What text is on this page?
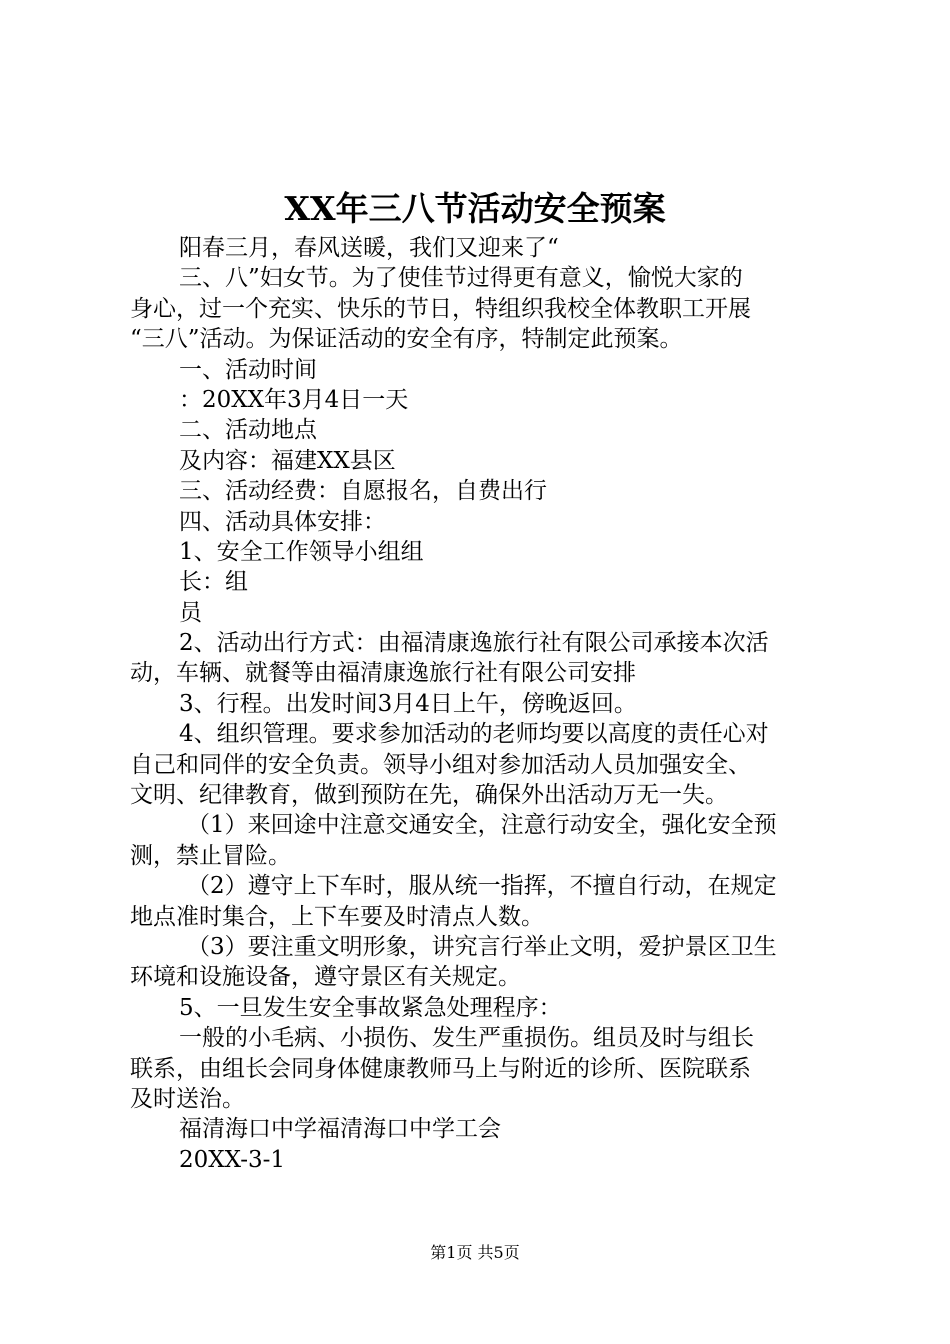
XX年三八节活动安全预案
阳春三月，春风送暖，我们又迎来了“
三、八”妇女节。为了使佳节过得更有意义，愉悦大家的
身心，过一个充实、快乐的节日，特组织我校全体教职工开展
“三八”活动。为保证活动的安全有序，特制定此预案。
一、活动时间
：20XX年3月4日一天
二、活动地点
及内容：福建XX县区
三、活动经费：自愿报名，自费出行
四、活动具体安排：
1、安全工作领导小组组
长：组
员
2、活动出行方式：由福清康逸旅行社有限公司承接本次活
动，车辆、就餐等由福清康逸旅行社有限公司安排
3、行程。出发时间3月4日上午，傍晚返回。
4、组织管理。要求参加活动的老师均要以高度的责任心对
自己和同伴的安全负责。领导小组对参加活动人员加强安全、
文明、纪律教育，做到预防在先，确保外出活动万无一失。
（1）来回途中注意交通安全，注意行动安全，强化安全预
测，禁止冒险。
（2）遵守上下车时，服从统一指挥，不擅自行动，在规定
地点准时集合，上下车要及时清点人数。
（3）要注重文明形象，讲究言行举止文明，爱护景区卫生
环境和设施设备，遵守景区有关规定。
5、一旦发生安全事故紧急处理程序：
一般的小毛病、小损伤、发生严重损伤。组员及时与组长
联系，由组长会同身体健康教师马上与附近的诊所、医院联系
及时送治。
福清海口中学福清海口中学工会
20XX-3-1
第1页 共5页
